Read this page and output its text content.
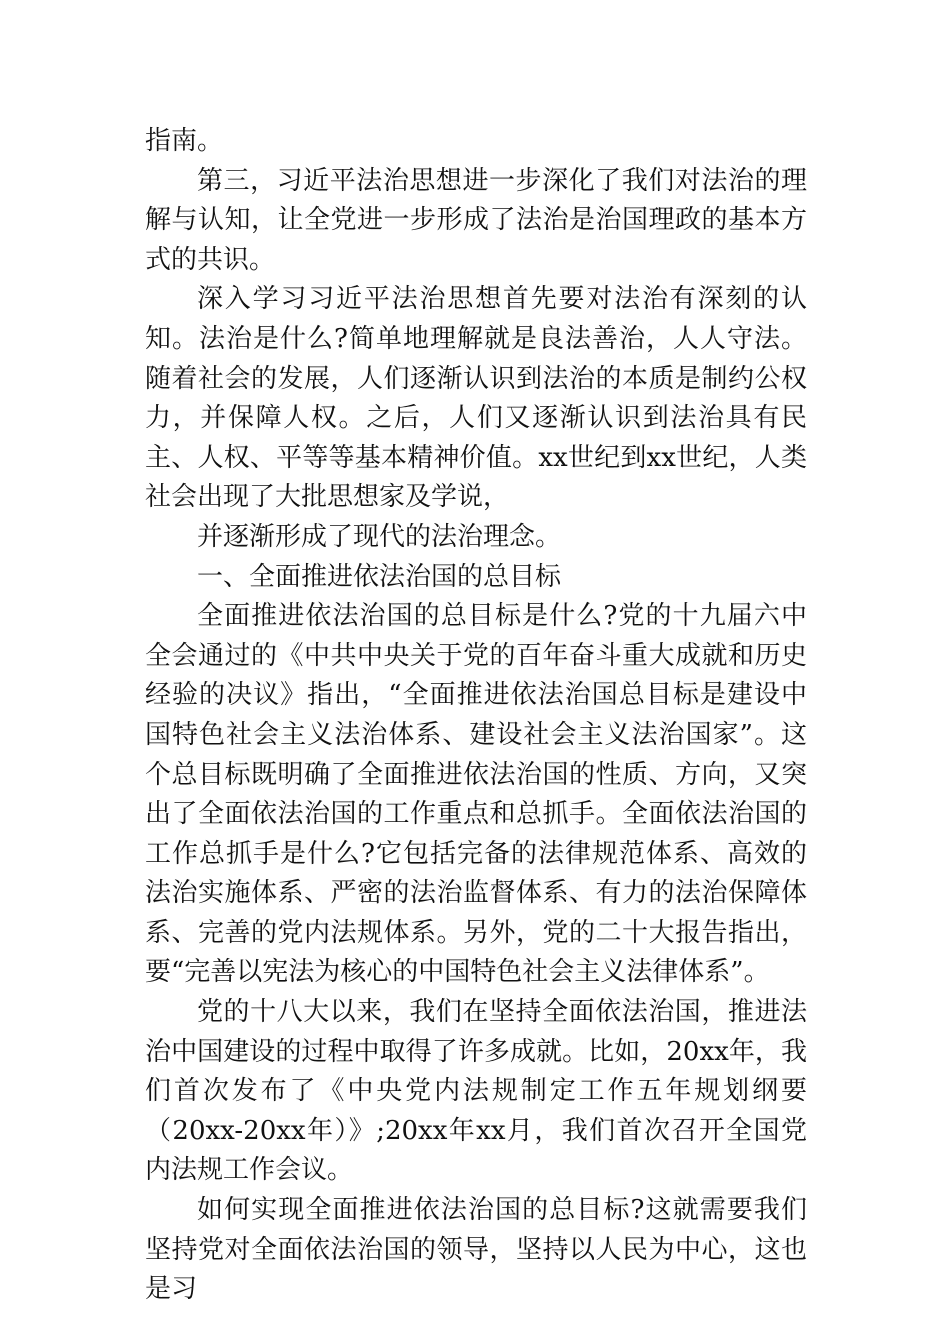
指南。

第三，习近平法治思想进一步深化了我们对法治的理解与认知，让全党进一步形成了法治是治国理政的基本方式的共识。

深入学习习近平法治思想首先要对法治有深刻的认知。法治是什么?简单地理解就是良法善治，人人守法。随着社会的发展，人们逐渐认识到法治的本质是制约公权力，并保障人权。之后，人们又逐渐认识到法治具有民主、人权、平等等基本精神价值。xx世纪到xx世纪，人类社会出现了大批思想家及学说，

并逐渐形成了现代的法治理念。

一、全面推进依法治国的总目标

全面推进依法治国的总目标是什么?党的十九届六中全会通过的《中共中央关于党的百年奋斗重大成就和历史经验的决议》指出，“全面推进依法治国总目标是建设中国特色社会主义法治体系、建设社会主义法治国家”。这个总目标既明确了全面推进依法治国的性质、方向，又突出了全面依法治国的工作重点和总抓手。全面依法治国的工作总抓手是什么?它包括完备的法律规范体系、高效的法治实施体系、严密的法治监督体系、有力的法治保障体系、完善的党内法规体系。另外，党的二十大报告指出，要“完善以宪法为核心的中国特色社会主义法律体系”。

党的十八大以来，我们在坚持全面依法治国，推进法治中国建设的过程中取得了许多成就。比如，20xx年，我们首次发布了《中央党内法规制定工作五年规划纲要（20xx-20xx年）》;20xx年xx月，我们首次召开全国党内法规工作会议。

如何实现全面推进依法治国的总目标?这就需要我们坚持党对全面依法治国的领导，坚持以人民为中心，这也是习
